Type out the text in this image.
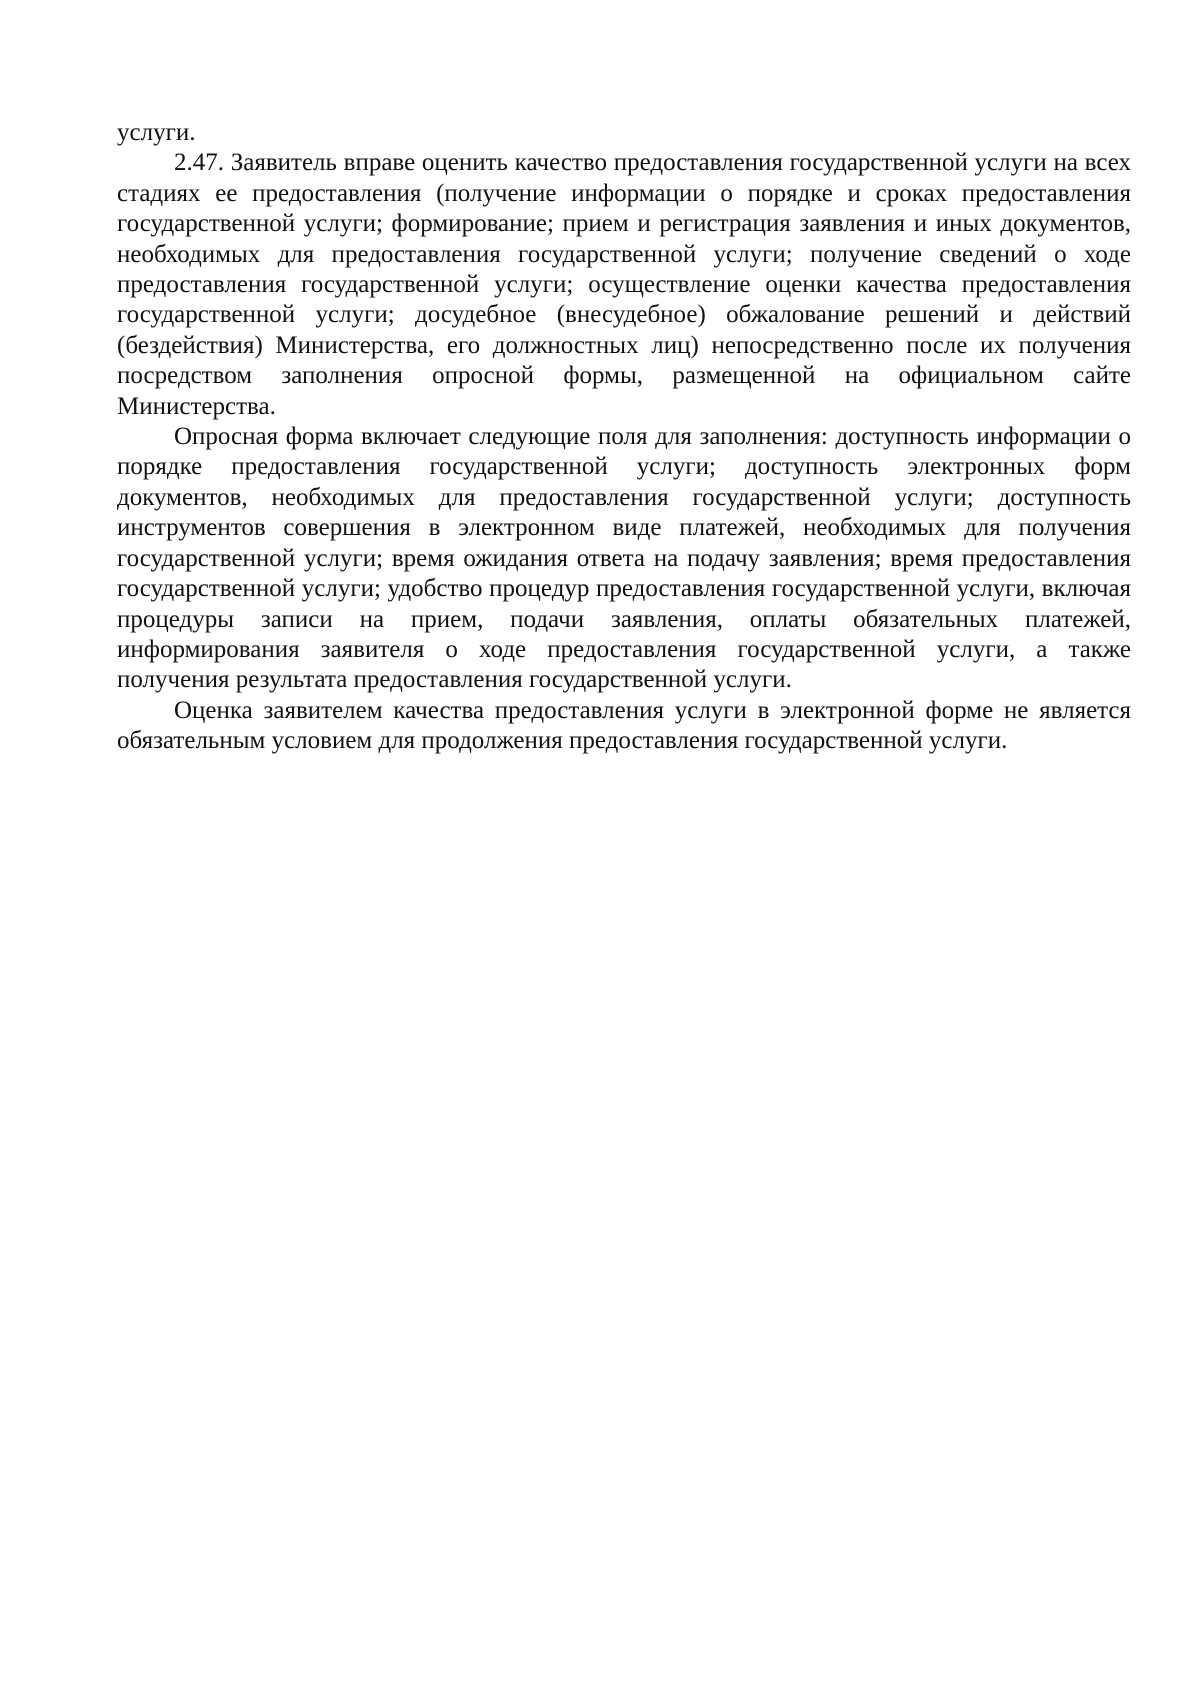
услуги.

2.47. Заявитель вправе оценить качество предоставления государственной услуги на всех стадиях ее предоставления (получение информации о порядке и сроках предоставления государственной услуги; формирование; прием и регистрация заявления и иных документов, необходимых для предоставления государственной услуги; получение сведений о ходе предоставления государственной услуги; осуществление оценки качества предоставления государственной услуги; досудебное (внесудебное) обжалование решений и действий (бездействия) Министерства, его должностных лиц) непосредственно после их получения посредством заполнения опросной формы, размещенной на официальном сайте Министерства.

Опросная форма включает следующие поля для заполнения: доступность информации о порядке предоставления государственной услуги; доступность электронных форм документов, необходимых для предоставления государственной услуги; доступность инструментов совершения в электронном виде платежей, необходимых для получения государственной услуги; время ожидания ответа на подачу заявления; время предоставления государственной услуги; удобство процедур предоставления государственной услуги, включая процедуры записи на прием, подачи заявления, оплаты обязательных платежей, информирования заявителя о ходе предоставления государственной услуги, а также получения результата предоставления государственной услуги.

Оценка заявителем качества предоставления услуги в электронной форме не является обязательным условием для продолжения предоставления государственной услуги.
